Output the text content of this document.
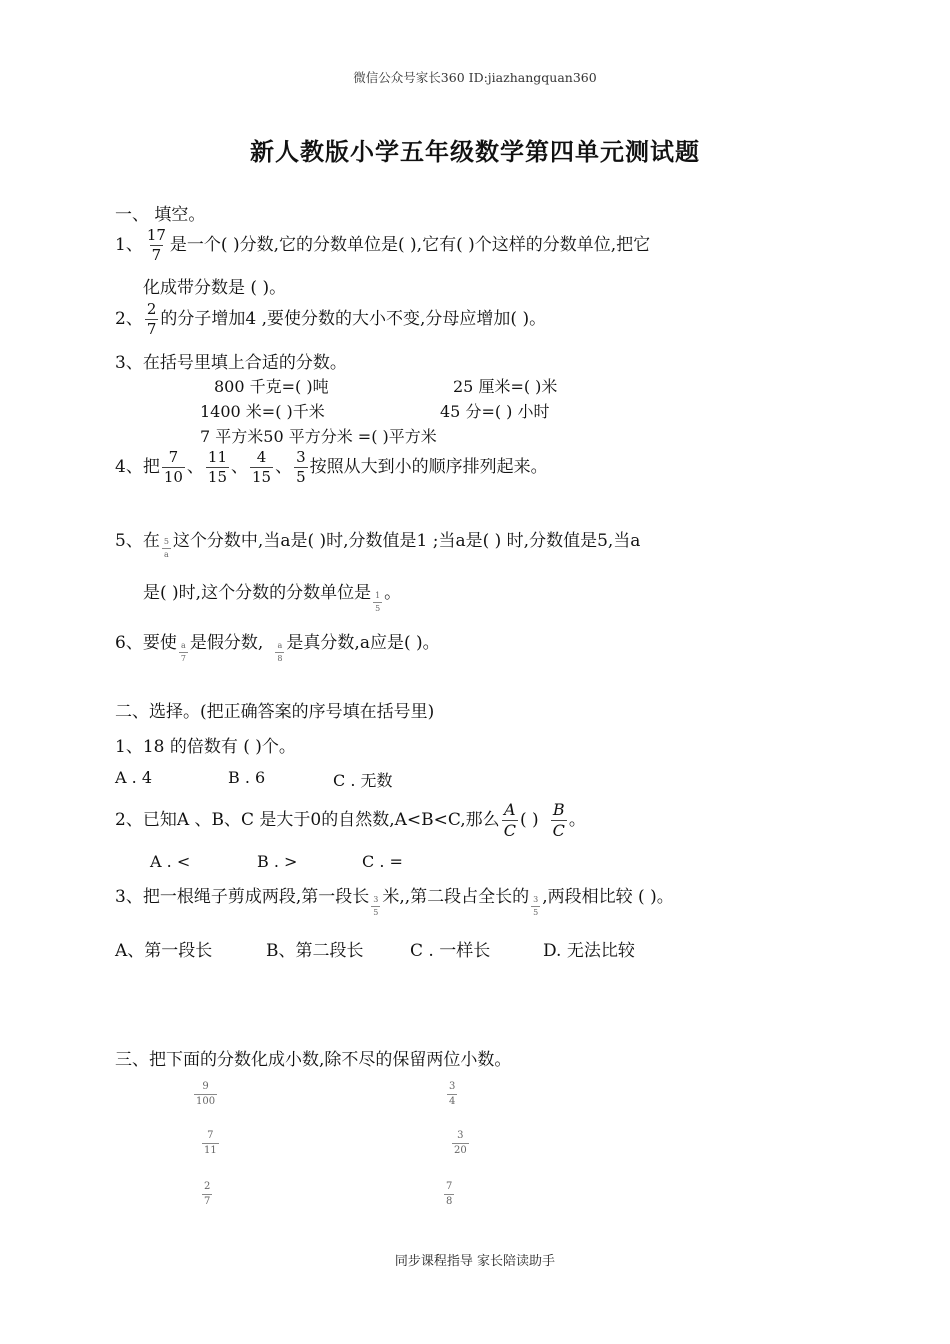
微信公众号家长360 ID:jiazhangquan360
新人教版小学五年级数学第四单元测试题
一、 填空。
1、 $\frac{17}{7}$ 是一个( )分数,它的分数单位是( ),它有( )个这样的分数单位,把它
化成带分数是 ( )。
2、 $\frac{2}{7}$ 的分子增加4 ,要使分数的大小不变,分母应增加( )。
3、在括号里填上合适的分数。
800 千克=( )吨	25 厘米=( )米
1400 米=( )千米	45 分=( ) 小时
7 平方米50 平方分米 =( )平方米
4、把 $\frac{7}{10}$ 、 $\frac{11}{15}$ 、 $\frac{4}{15}$ 、 $\frac{3}{5}$ 按照从大到小的顺序排列起来。
5、在 $\frac{5}{a}$ 这个分数中,当a是( )时,分数值是1 ;当a是( ) 时,分数值是5,当a
是( )时,这个分数的分数单位是 $\frac{1}{5}$ 。
6、要使 $\frac{a}{7}$ 是假分数, $\frac{a}{8}$ 是真分数,a应是( )。
二、选择。(把正确答案的序号填在括号里)
1、18 的倍数有 ( )个。
A . 4	B . 6	C . 无数
2、已知A 、B、C 是大于0的自然数,A<B<C,那么 $\frac{A}{C}$ ( ) $\frac{B}{C}$ 。
A . <	B . >	C . =
3、把一根绳子剪成两段,第一段长 $\frac{3}{5}$ 米,,第二段占全长的 $\frac{3}{5}$ ,两段相比较 ( )。
A、第一段长	B、第二段长	C . 一样长	D. 无法比较
三、把下面的分数化成小数,除不尽的保留两位小数。
$\frac{9}{100}$	$\frac{3}{4}$
$\frac{7}{11}$	$\frac{3}{20}$
$\frac{2}{7}$	$\frac{7}{8}$
同步课程指导 家长陪读助手
